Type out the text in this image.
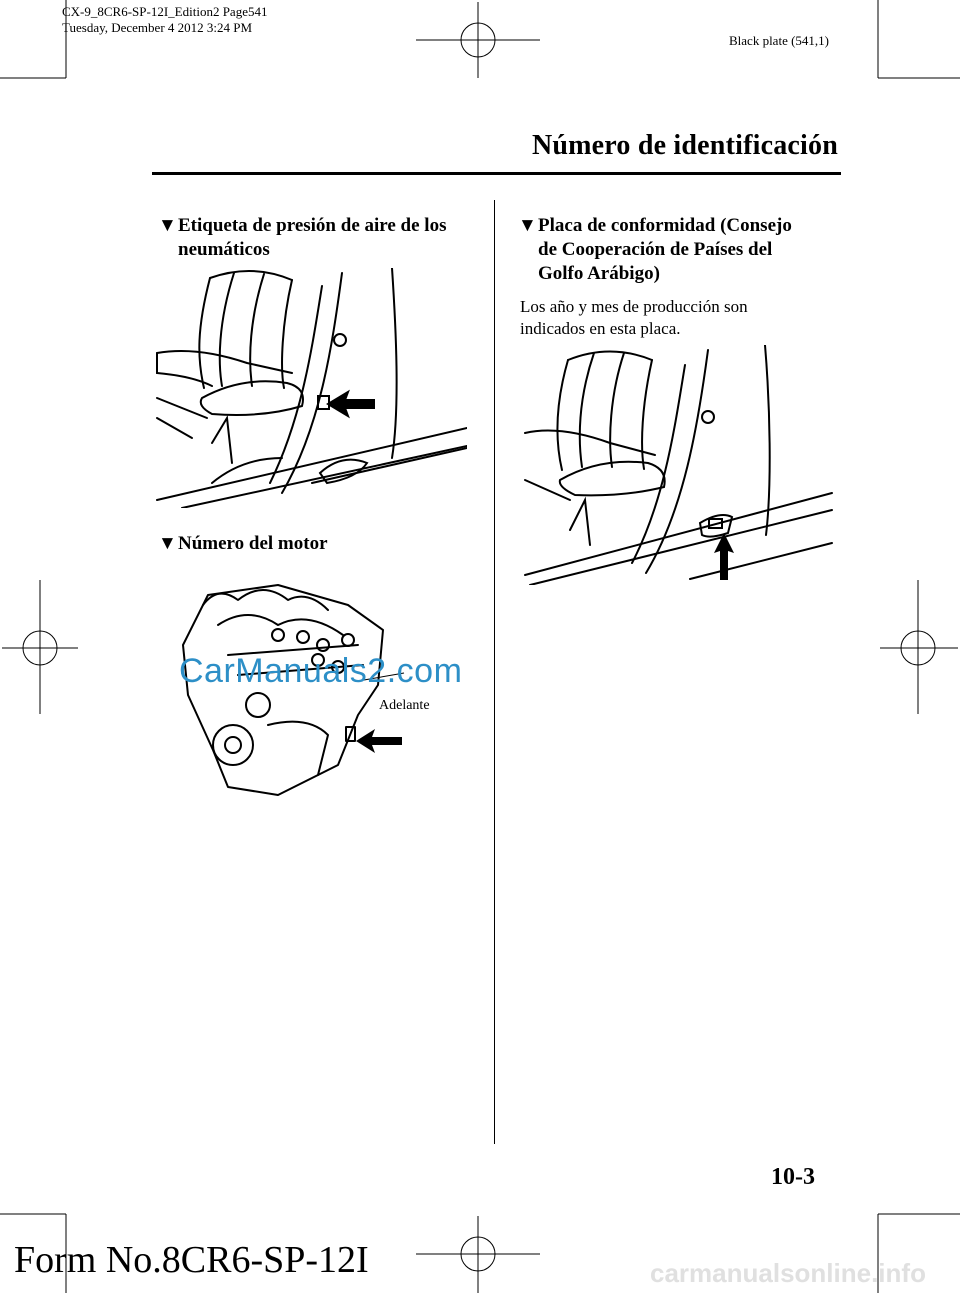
CX-9_8CR6-SP-12I_Edition2 Page541
Tuesday, December 4 2012 3:24 PM
Black plate (541,1)
Número de identificación
▼Etiqueta de presión de aire de los
neumáticos
▼Número del motor
Adelante
CarManuals2.com
▼Placa de conformidad (Consejo
de Cooperación de Países del
Golfo Arábigo)
Los año y mes de producción son
indicados en esta placa.
10-3
Form No.8CR6-SP-12I	carmanualsonline.info
